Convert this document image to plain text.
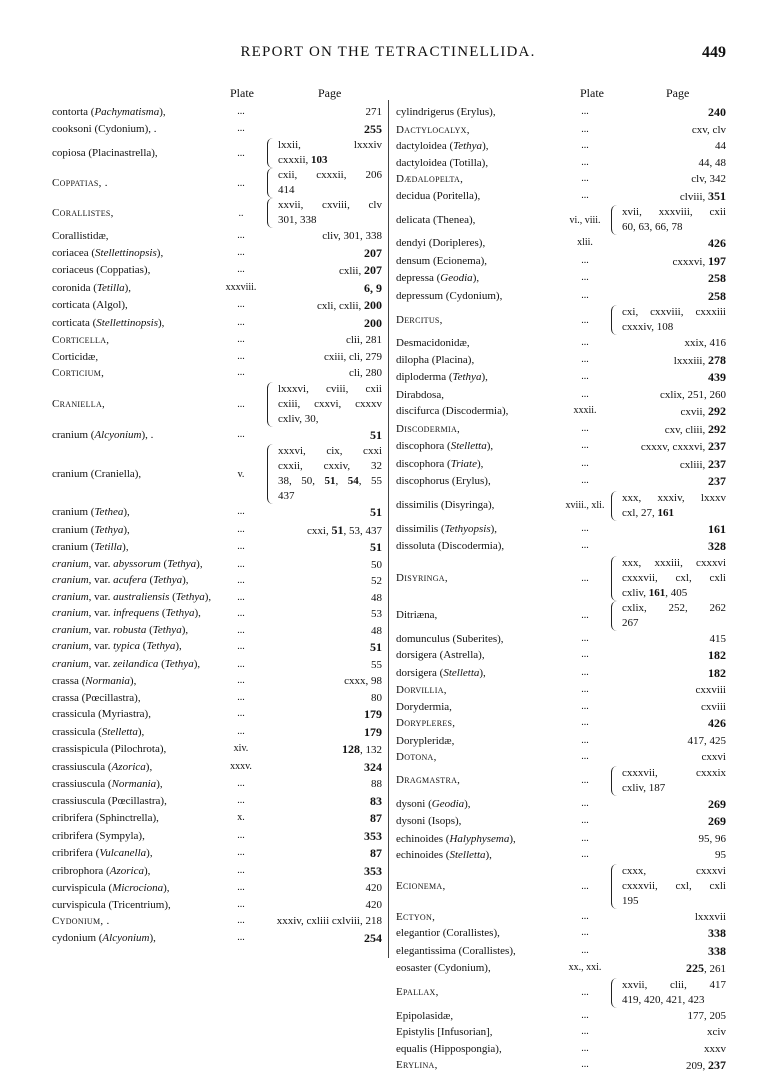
REPORT ON THE TETRACTINELLIDA.	449
Plate	Page
contorta (Pachymatisma),	...	271
cooksoni (Cydonium), .	...	255
copiosa (Placinastrella),	...
lxxii, lxxxiv
cxxxii, 103
Coppatias, .	...
cxii, cxxxii, 206
414
Corallistes,	..
xxvii, cxviii, clv
301, 338
Corallistidæ,	...	cliv, 301, 338
coriacea (Stellettinopsis),	...	207
coriaceus (Coppatias),	...	cxlii, 207
coronida (Tetilla),	xxxviii.	6, 9
corticata (Algol),	...	cxli, cxlii, 200
corticata (Stellettinopsis),	...	200
Corticella,	...	clii, 281
Corticidæ,	...	cxiii, cli, 279
Corticium,	...	cli, 280
Craniella,	...
lxxxvi, cviii, cxii
cxiii, cxxvi, cxxxv
cxliv, 30,
cranium (Alcyonium), .	...	51
cranium (Craniella),	v.
xxxvi, cix, cxxi
cxxii, cxxiv, 32
38, 50, 51, 54, 55
437
cranium (Tethea),	...	51
cranium (Tethya),	...	cxxi, 51, 53, 437
cranium (Tetilla),	...	51
cranium, var. abyssorum (Tethya),	...	50
cranium, var. acufera (Tethya),	...	52
cranium, var. australiensis (Tethya),	...	48
cranium, var. infrequens (Tethya),	...	53
cranium, var. robusta (Tethya),	...	48
cranium, var. typica (Tethya),	...	51
cranium, var. zeilandica (Tethya),	...	55
crassa (Normania),	...	cxxx, 98
crassa (Pœcillastra),	...	80
crassicula (Myriastra),	...	179
crassicula (Stelletta),	...	179
crassispicula (Pilochrota),	xiv.	128, 132
crassiuscula (Azorica),	xxxv.	324
crassiuscula (Normania),	...	88
crassiuscula (Pœcillastra),	...	83
cribrifera (Sphinctrella),	x.	87
cribrifera (Sympyla),	...	353
cribrifera (Vulcanella),	...	87
cribrophora (Azorica),	...	353
curvispicula (Microciona),	...	420
curvispicula (Tricentrium),	...	420
Cydonium, .	...	xxxiv, cxliii cxlviii, 218
cydonium (Alcyonium),	...	254
Plate	Page
cylindrigerus (Erylus),	...	240
Dactylocalyx,	...	cxv, clv
dactyloidea (Tethya),	...	44
dactyloidea (Totilla),	...	44, 48
Dædalopelta,	...	clv, 342
decidua (Poritella),	...	clviii, 351
delicata (Thenea),	vi., viii.
xvii, xxxviii, cxii
60, 63, 66, 78
dendyi (Doripleres),	xlii.	426
densum (Ecionema),	...	cxxxvi, 197
depressa (Geodia),	...	258
depressum (Cydonium),	...	258
Dercitus,	...
cxi, cxxviii, cxxxiii
cxxxiv, 108
Desmacidonidæ,	...	xxix, 416
dilopha (Placina),	...	lxxxiii, 278
diploderma (Tethya),	...	439
Dirabdosa,	...	cxlix, 251, 260
discifurca (Discodermia),	xxxii.	cxvii, 292
Discodermia,	...	cxv, cliii, 292
discophora (Stelletta),	...	cxxxv, cxxxvi, 237
discophora (Triate),	...	cxliii, 237
discophorus (Erylus),	...	237
dissimilis (Disyringa),	xviii., xli.
xxx, xxxiv, lxxxv
cxl, 27, 161
dissimilis (Tethyopsis),	...	161
dissoluta (Discodermia),	...	328
Disyringa,	...
xxx, xxxiii, cxxxvi
cxxxvii, cxl, cxli
cxliv, 161, 405
Ditriæna,	...
cxlix, 252, 262
267
domunculus (Suberites),	...	415
dorsigera (Astrella),	...	182
dorsigera (Stelletta),	...	182
Dorvillia,	...	cxxviii
Dorydermia,	...	cxviii
Dorypleres,	...	426
Dorypleridæ,	...	417, 425
Dotona,	...	cxxvi
Dragmastra,	...
cxxxvii, cxxxix
cxliv, 187
dysoni (Geodia),	...	269
dysoni (Isops),	...	269
echinoides (Halyphysema),	...	95, 96
echinoides (Stelletta),	...	95
Ecionema,	...
cxxx, cxxxvi
cxxxvii, cxl, cxli
195
Ectyon,	...	lxxxvii
elegantior (Corallistes),	...	338
elegantissima (Corallistes),	...	338
eosaster (Cydonium),	xx., xxi.	225, 261
Epallax,	...
xxvii, clii, 417
419, 420, 421, 423
Epipolasidæ,	...	177, 205
Epistylis [Infusorian],	...	xciv
equalis (Hippospongia),	...	xxxv
Erylina,	...	209, 237
